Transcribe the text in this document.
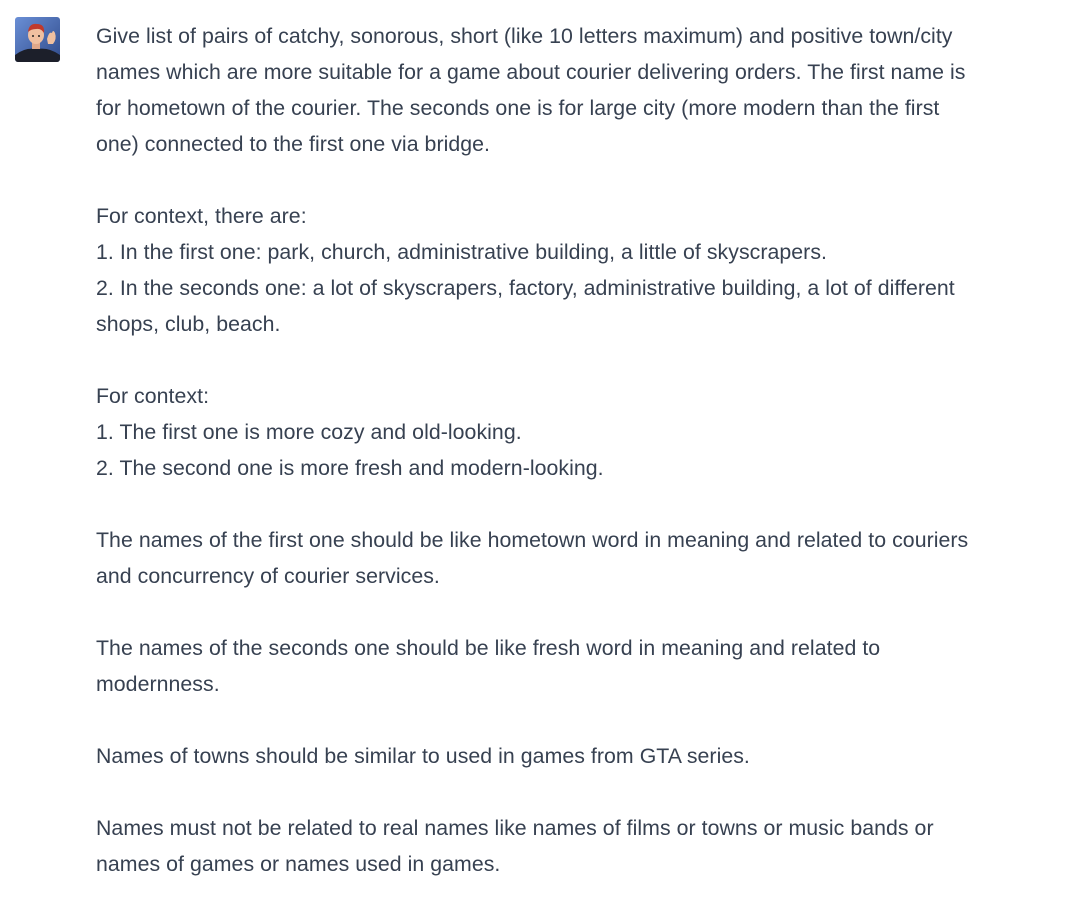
Give list of pairs of catchy, sonorous, short (like 10 letters maximum) and positive town/city
names which are more suitable for a game about courier delivering orders. The first name is
for hometown of the courier. The seconds one is for large city (more modern than the first
one) connected to the first one via bridge.
For context, there are:
1. In the first one: park, church, administrative building, a little of skyscrapers.
2. In the seconds one: a lot of skyscrapers, factory, administrative building, a lot of different
shops, club, beach.
For context:
1. The first one is more cozy and old-looking.
2. The second one is more fresh and modern-looking.
The names of the first one should be like hometown word in meaning and related to couriers
and concurrency of courier services.
The names of the seconds one should be like fresh word in meaning and related to
modernness.
Names of towns should be similar to used in games from GTA series.
Names must not be related to real names like names of films or towns or music bands or
names of games or names used in games.
